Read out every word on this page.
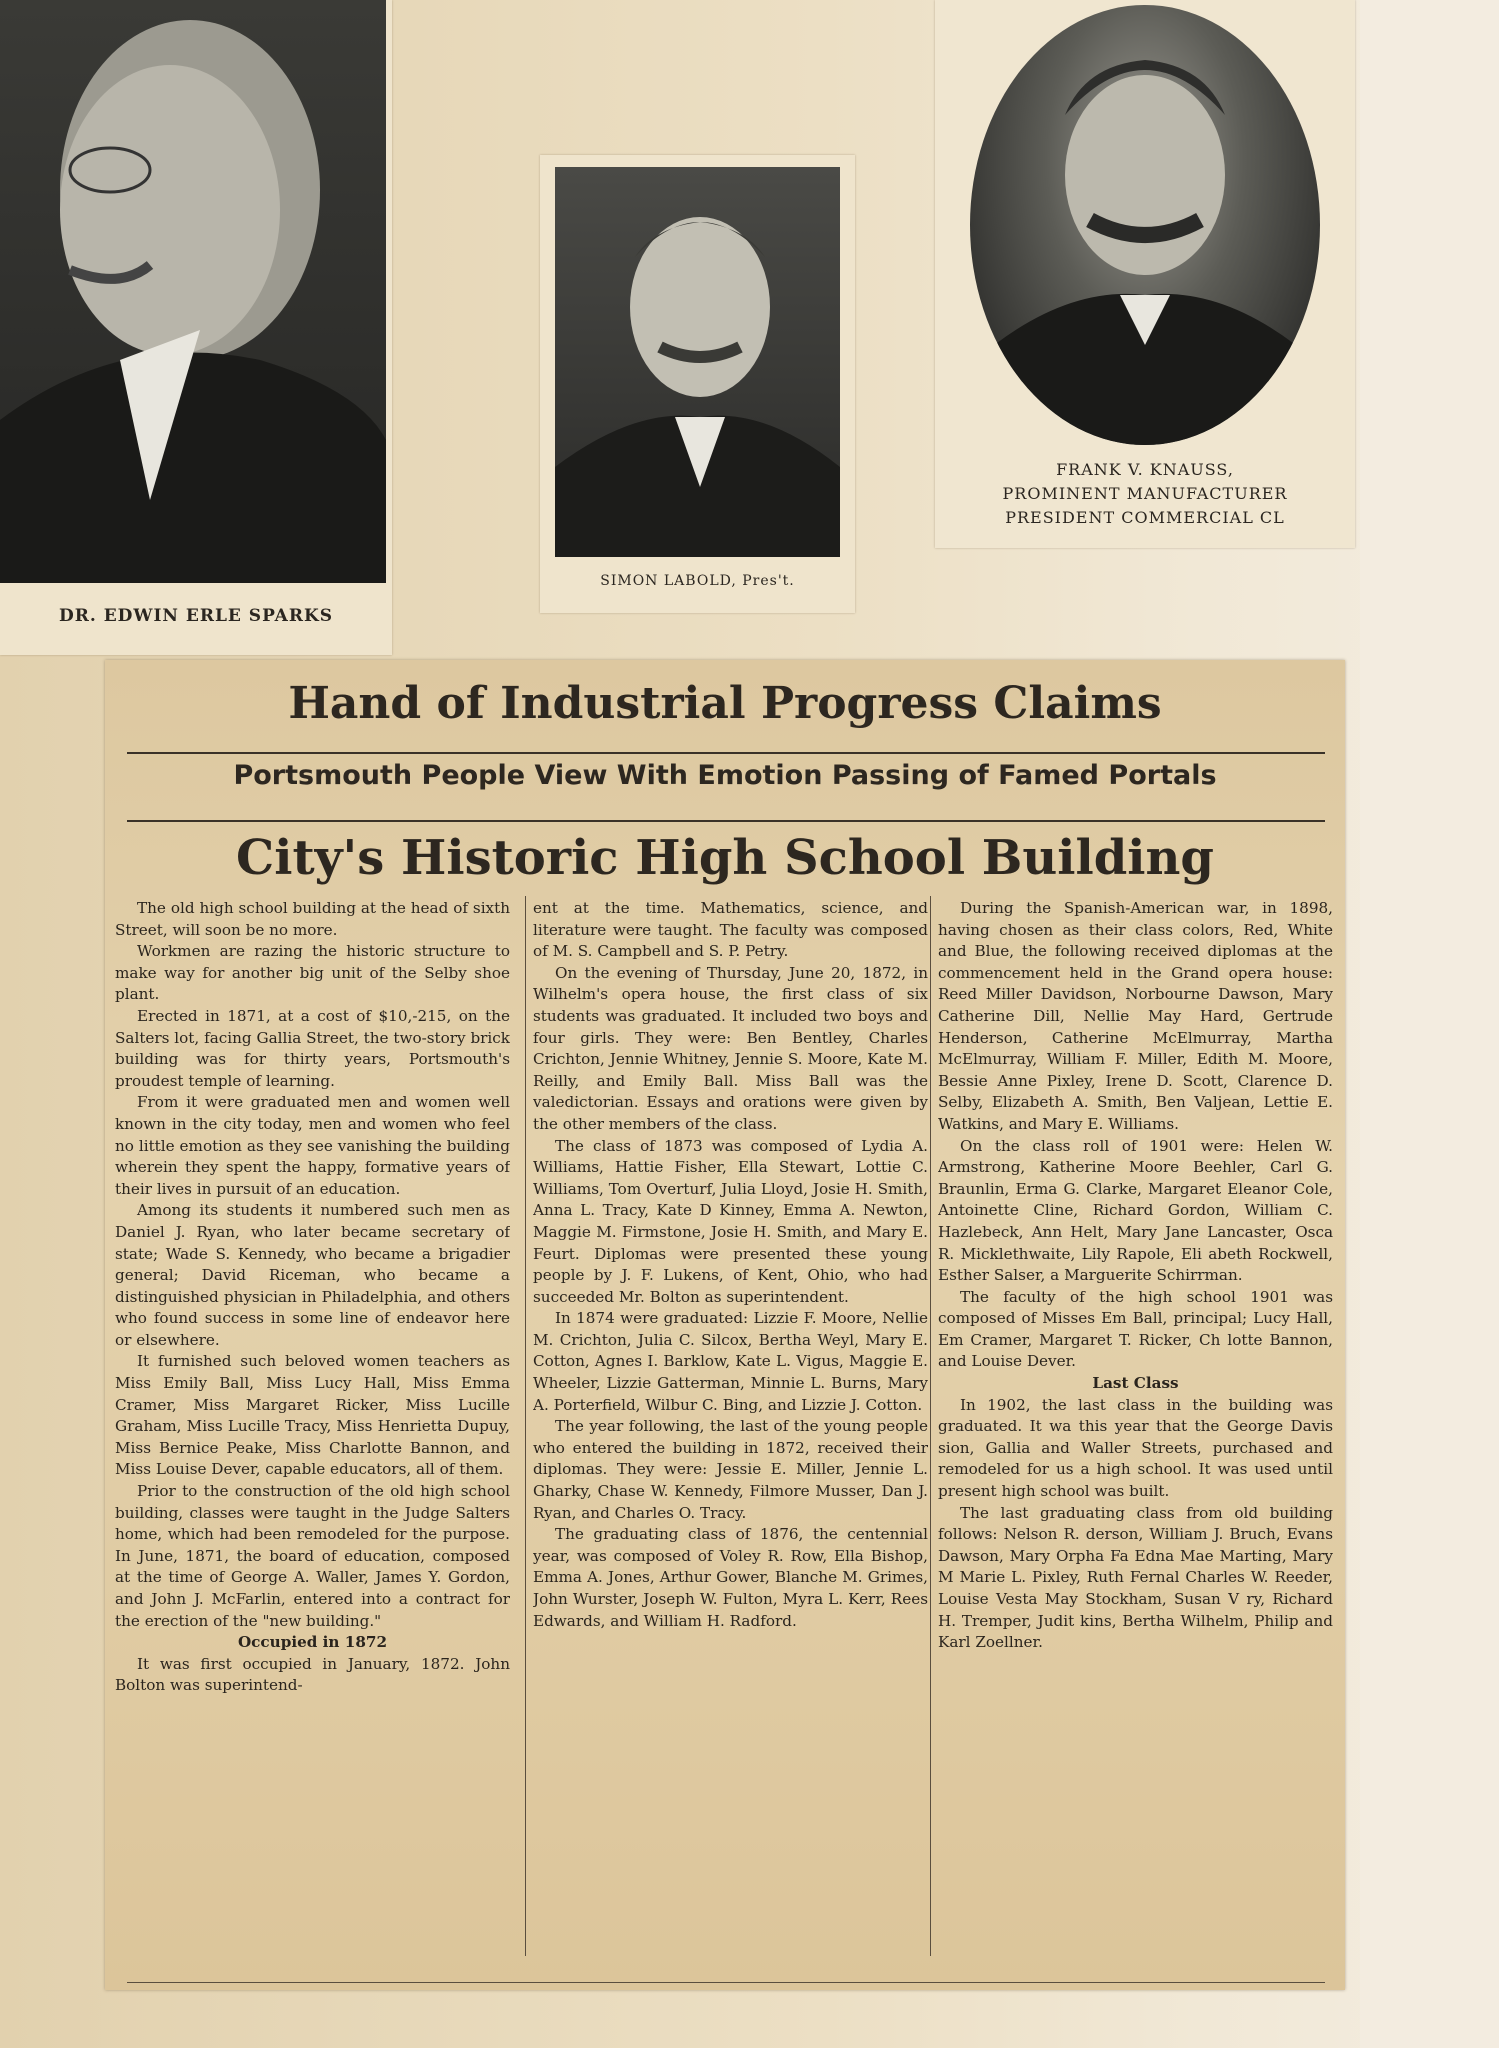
DR. EDWIN ERLE SPARKS
SIMON LABOLD, Pres't.
FRANK V. KNAUSS,
PROMINENT MANUFACTURER
PRESIDENT COMMERCIAL CL
Hand of Industrial Progress Claims
Portsmouth People View With Emotion Passing of Famed Portals
City's Historic High School Building

The old high school building at the head of sixth Street, will soon be no more.

Workmen are razing the historic structure to make way for another big unit of the Selby shoe plant.

Erected in 1871, at a cost of $10,-215, on the Salters lot, facing Gallia Street, the two-story brick building was for thirty years, Portsmouth's proudest temple of learning.

From it were graduated men and women well known in the city today, men and women who feel no little emotion as they see vanishing the building wherein they spent the happy, formative years of their lives in pursuit of an education.

Among its students it numbered such men as Daniel J. Ryan, who later became secretary of state; Wade S. Kennedy, who became a brigadier general; David Riceman, who became a distinguished physician in Philadelphia, and others who found success in some line of endeavor here or elsewhere.

It furnished such beloved women teachers as Miss Emily Ball, Miss Lucy Hall, Miss Emma Cramer, Miss Margaret Ricker, Miss Lucille Graham, Miss Lucille Tracy, Miss Henrietta Dupuy, Miss Bernice Peake, Miss Charlotte Bannon, and Miss Louise Dever, capable educators, all of them.

Prior to the construction of the old high school building, classes were taught in the Judge Salters home, which had been remodeled for the purpose. In June, 1871, the board of education, composed at the time of George A. Waller, James Y. Gordon, and John J. McFarlin, entered into a contract for the erection of the "new building."

Occupied in 1872

It was first occupied in January, 1872. John Bolton was superintend-

ent at the time. Mathematics, science, and literature were taught. The faculty was composed of M. S. Campbell and S. P. Petry.

On the evening of Thursday, June 20, 1872, in Wilhelm's opera house, the first class of six students was graduated. It included two boys and four girls. They were: Ben Bentley, Charles Crichton, Jennie Whitney, Jennie S. Moore, Kate M. Reilly, and Emily Ball. Miss Ball was the valedictorian. Essays and orations were given by the other members of the class.

The class of 1873 was composed of Lydia A. Williams, Hattie Fisher, Ella Stewart, Lottie C. Williams, Tom Overturf, Julia Lloyd, Josie H. Smith, Anna L. Tracy, Kate D Kinney, Emma A. Newton, Maggie M. Firmstone, Josie H. Smith, and Mary E. Feurt. Diplomas were presented these young people by J. F. Lukens, of Kent, Ohio, who had succeeded Mr. Bolton as superintendent.

In 1874 were graduated: Lizzie F. Moore, Nellie M. Crichton, Julia C. Silcox, Bertha Weyl, Mary E. Cotton, Agnes I. Barklow, Kate L. Vigus, Maggie E. Wheeler, Lizzie Gatterman, Minnie L. Burns, Mary A. Porterfield, Wilbur C. Bing, and Lizzie J. Cotton.

The year following, the last of the young people who entered the building in 1872, received their diplomas. They were: Jessie E. Miller, Jennie L. Gharky, Chase W. Kennedy, Filmore Musser, Dan J. Ryan, and Charles O. Tracy.

The graduating class of 1876, the centennial year, was composed of Voley R. Row, Ella Bishop, Emma A. Jones, Arthur Gower, Blanche M. Grimes, John Wurster, Joseph W. Fulton, Myra L. Kerr, Rees Edwards, and William H. Radford.

During the Spanish-American war, in 1898, having chosen as their class colors, Red, White and Blue, the following received diplomas at the commencement held in the Grand opera house: Reed Miller Davidson, Norbourne Dawson, Mary Catherine Dill, Nellie May Hard, Gertrude Henderson, Catherine McElmurray, Martha McElmurray, William F. Miller, Edith M. Moore, Bessie Anne Pixley, Irene D. Scott, Clarence D. Selby, Elizabeth A. Smith, Ben Valjean, Lettie E. Watkins, and Mary E. Williams.

On the class roll of 1901 were: Helen W. Armstrong, Katherine Moore Beehler, Carl G. Braunlin, Erma G. Clarke, Margaret Eleanor Cole, Antoinette Cline, Richard Gordon, William C. Hazlebeck, Ann Helt, Mary Jane Lancaster, Osca R. Micklethwaite, Lily Rapole, Eli abeth Rockwell, Esther Salser, a Marguerite Schirrman.

The faculty of the high school 1901 was composed of Misses Em Ball, principal; Lucy Hall, Em Cramer, Margaret T. Ricker, Ch lotte Bannon, and Louise Dever.

Last Class

In 1902, the last class in the building was graduated. It wa this year that the George Davis sion, Gallia and Waller Streets, purchased and remodeled for us a high school. It was used until present high school was built.

The last graduating class from old building follows: Nelson R. derson, William J. Bruch, Evans Dawson, Mary Orpha Fa Edna Mae Marting, Mary M Marie L. Pixley, Ruth Fernal Charles W. Reeder, Louise Vesta May Stockham, Susan V ry, Richard H. Tremper, Judit kins, Bertha Wilhelm, Philip and Karl Zoellner.
